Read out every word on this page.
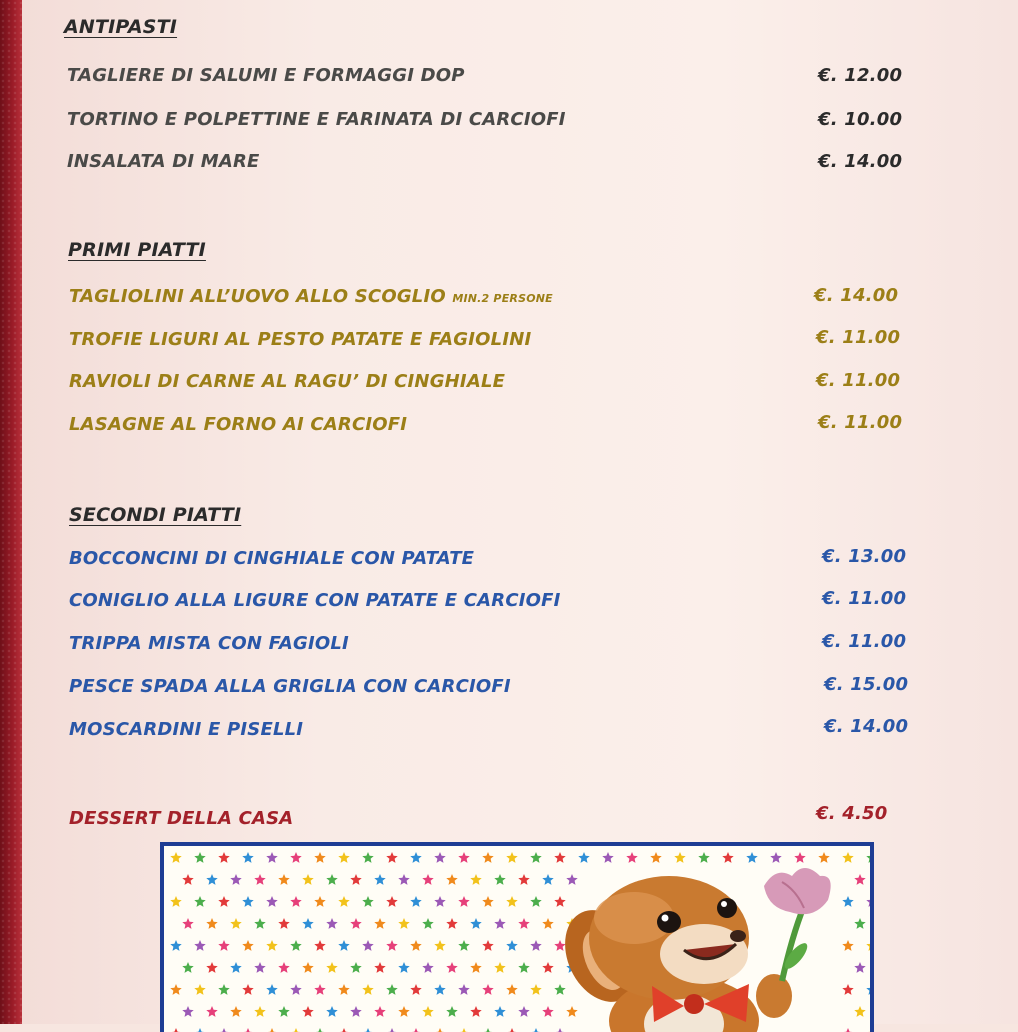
ANTIPASTI
TAGLIERE DI SALUMI E FORMAGGI DOP	€. 12.00
TORTINO E POLPETTINE E FARINATA DI CARCIOFI	€. 10.00
INSALATA DI MARE	€. 14.00
PRIMI PIATTI
TAGLIOLINI ALL’UOVO ALLO SCOGLIO MIN.2 PERSONE	€. 14.00
TROFIE LIGURI AL PESTO PATATE E FAGIOLINI	€. 11.00
RAVIOLI DI CARNE AL RAGU’ DI CINGHIALE	€. 11.00
LASAGNE AL FORNO AI CARCIOFI	€. 11.00
SECONDI PIATTI
BOCCONCINI DI CINGHIALE CON PATATE	€. 13.00
CONIGLIO ALLA LIGURE CON PATATE E CARCIOFI	€. 11.00
TRIPPA MISTA CON FAGIOLI	€. 11.00
PESCE SPADA ALLA GRIGLIA CON CARCIOFI	€. 15.00
MOSCARDINI E PISELLI	€. 14.00
DESSERT DELLA CASA	€. 4.50
